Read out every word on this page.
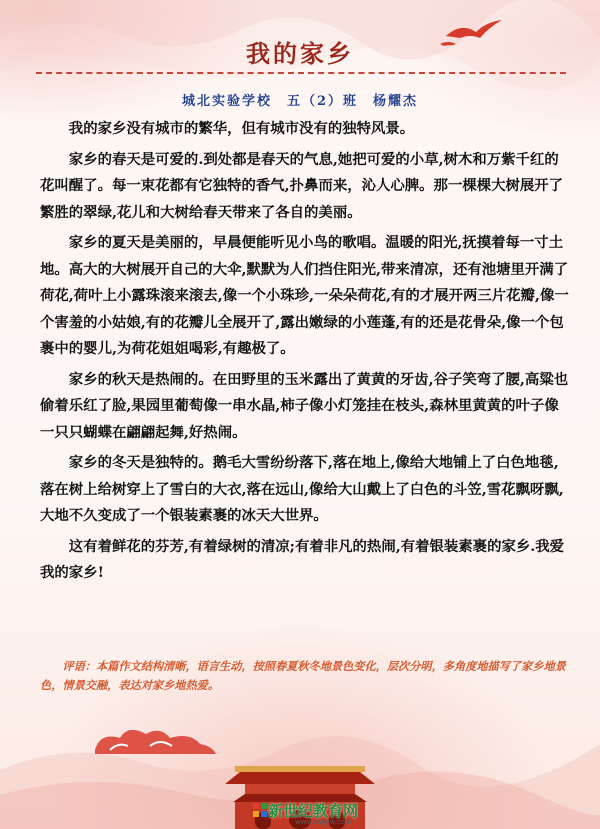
我的家乡
城北实验学校　五（2）班　杨耀杰

我的家乡没有城市的繁华，但有城市没有的独特风景。

家乡的春天是可爱的.到处都是春天的气息,她把可爱的小草,树木和万紫千红的花叫醒了。每一束花都有它独特的香气,扑鼻而来，沁人心脾。那一棵棵大树展开了繁胜的翠绿,花儿和大树给春天带来了各自的美丽。

家乡的夏天是美丽的，早晨便能听见小鸟的歌唱。温暖的阳光,抚摸着每一寸土地。高大的大树展开自己的大伞,默默为人们挡住阳光,带来清凉，还有池塘里开满了荷花,荷叶上小露珠滚来滚去,像一个小珠珍,一朵朵荷花,有的才展开两三片花瓣,像一个害羞的小姑娘,有的花瓣儿全展开了,露出嫩绿的小莲蓬,有的还是花骨朵,像一个包裹中的婴儿,为荷花姐姐喝彩,有趣极了。

家乡的秋天是热闹的。在田野里的玉米露出了黄黄的牙齿,谷子笑弯了腰,高粱也偷着乐红了脸,果园里葡萄像一串水晶,柿子像小灯笼挂在枝头,森林里黄黄的叶子像一只只蝴蝶在翩翩起舞,好热闹。

家乡的冬天是独特的。鹅毛大雪纷纷落下,落在地上,像给大地铺上了白色地毯,落在树上给树穿上了雪白的大衣,落在远山,像给大山戴上了白色的斗笠,雪花飘呀飘,大地不久变成了一个银装素裹的冰天大世界。

这有着鲜花的芬芳,有着绿树的清凉;有着非凡的热闹,有着银装素裹的家乡.我爱我的家乡!

评语：本篇作文结构清晰，语言生动，按照春夏秋冬地景色变化，层次分明，多角度地描写了家乡地景色，情景交融，表达对家乡地热爱。
新世纪教育网
www.xsjjyw.com
